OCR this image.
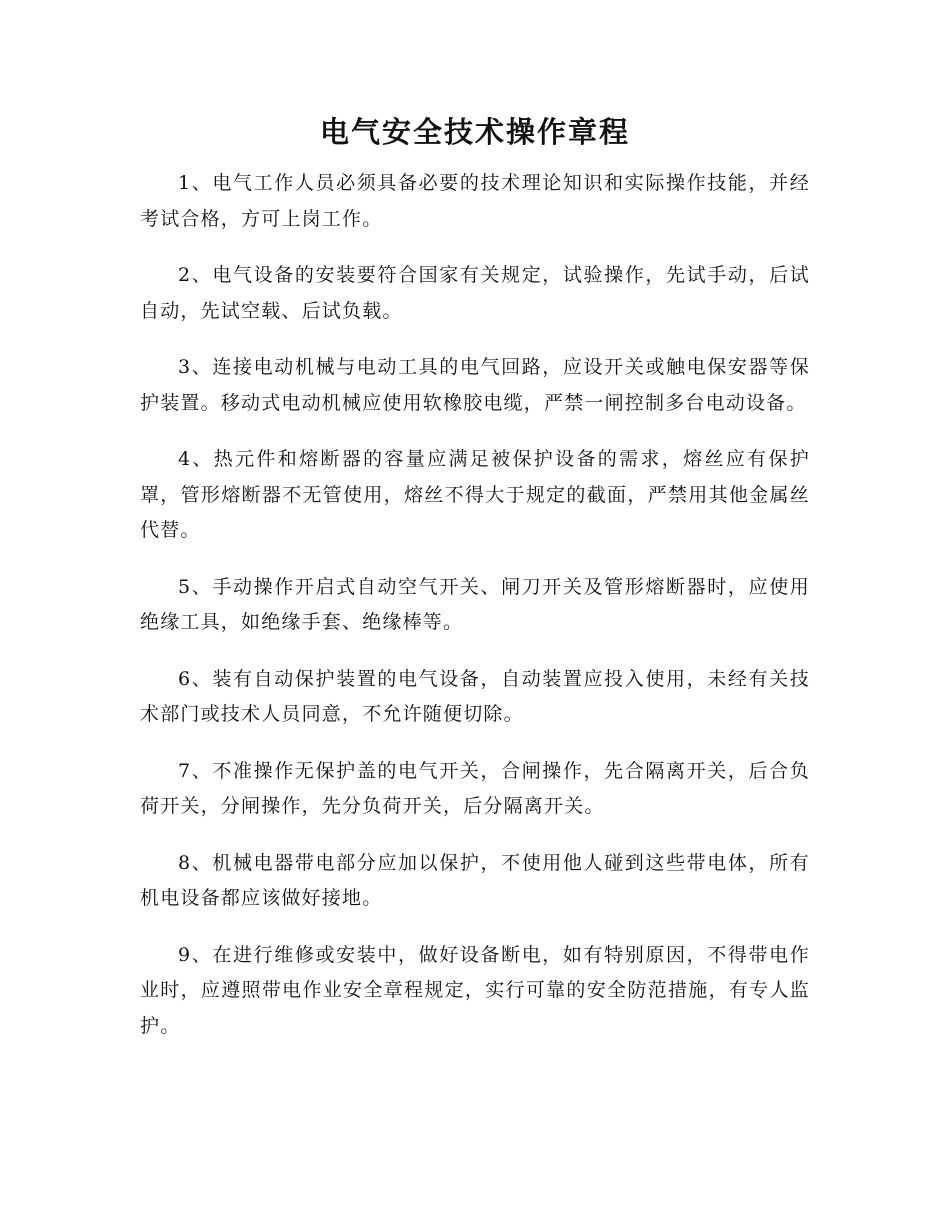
电气安全技术操作章程

1、电气工作人员必须具备必要的技术理论知识和实际操作技能，并经考试合格，方可上岗工作。

2、电气设备的安装要符合国家有关规定，试验操作，先试手动，后试自动，先试空载、后试负载。

3、连接电动机械与电动工具的电气回路，应设开关或触电保安器等保护装置。移动式电动机械应使用软橡胶电缆，严禁一闸控制多台电动设备。

4、热元件和熔断器的容量应满足被保护设备的需求，熔丝应有保护罩，管形熔断器不无管使用，熔丝不得大于规定的截面，严禁用其他金属丝代替。

5、手动操作开启式自动空气开关、闸刀开关及管形熔断器时，应使用绝缘工具，如绝缘手套、绝缘棒等。

6、装有自动保护装置的电气设备，自动装置应投入使用，未经有关技术部门或技术人员同意，不允许随便切除。

7、不准操作无保护盖的电气开关，合闸操作，先合隔离开关，后合负荷开关，分闸操作，先分负荷开关，后分隔离开关。

8、机械电器带电部分应加以保护，不使用他人碰到这些带电体，所有机电设备都应该做好接地。

9、在进行维修或安装中，做好设备断电，如有特别原因，不得带电作业时，应遵照带电作业安全章程规定，实行可靠的安全防范措施，有专人监护。
